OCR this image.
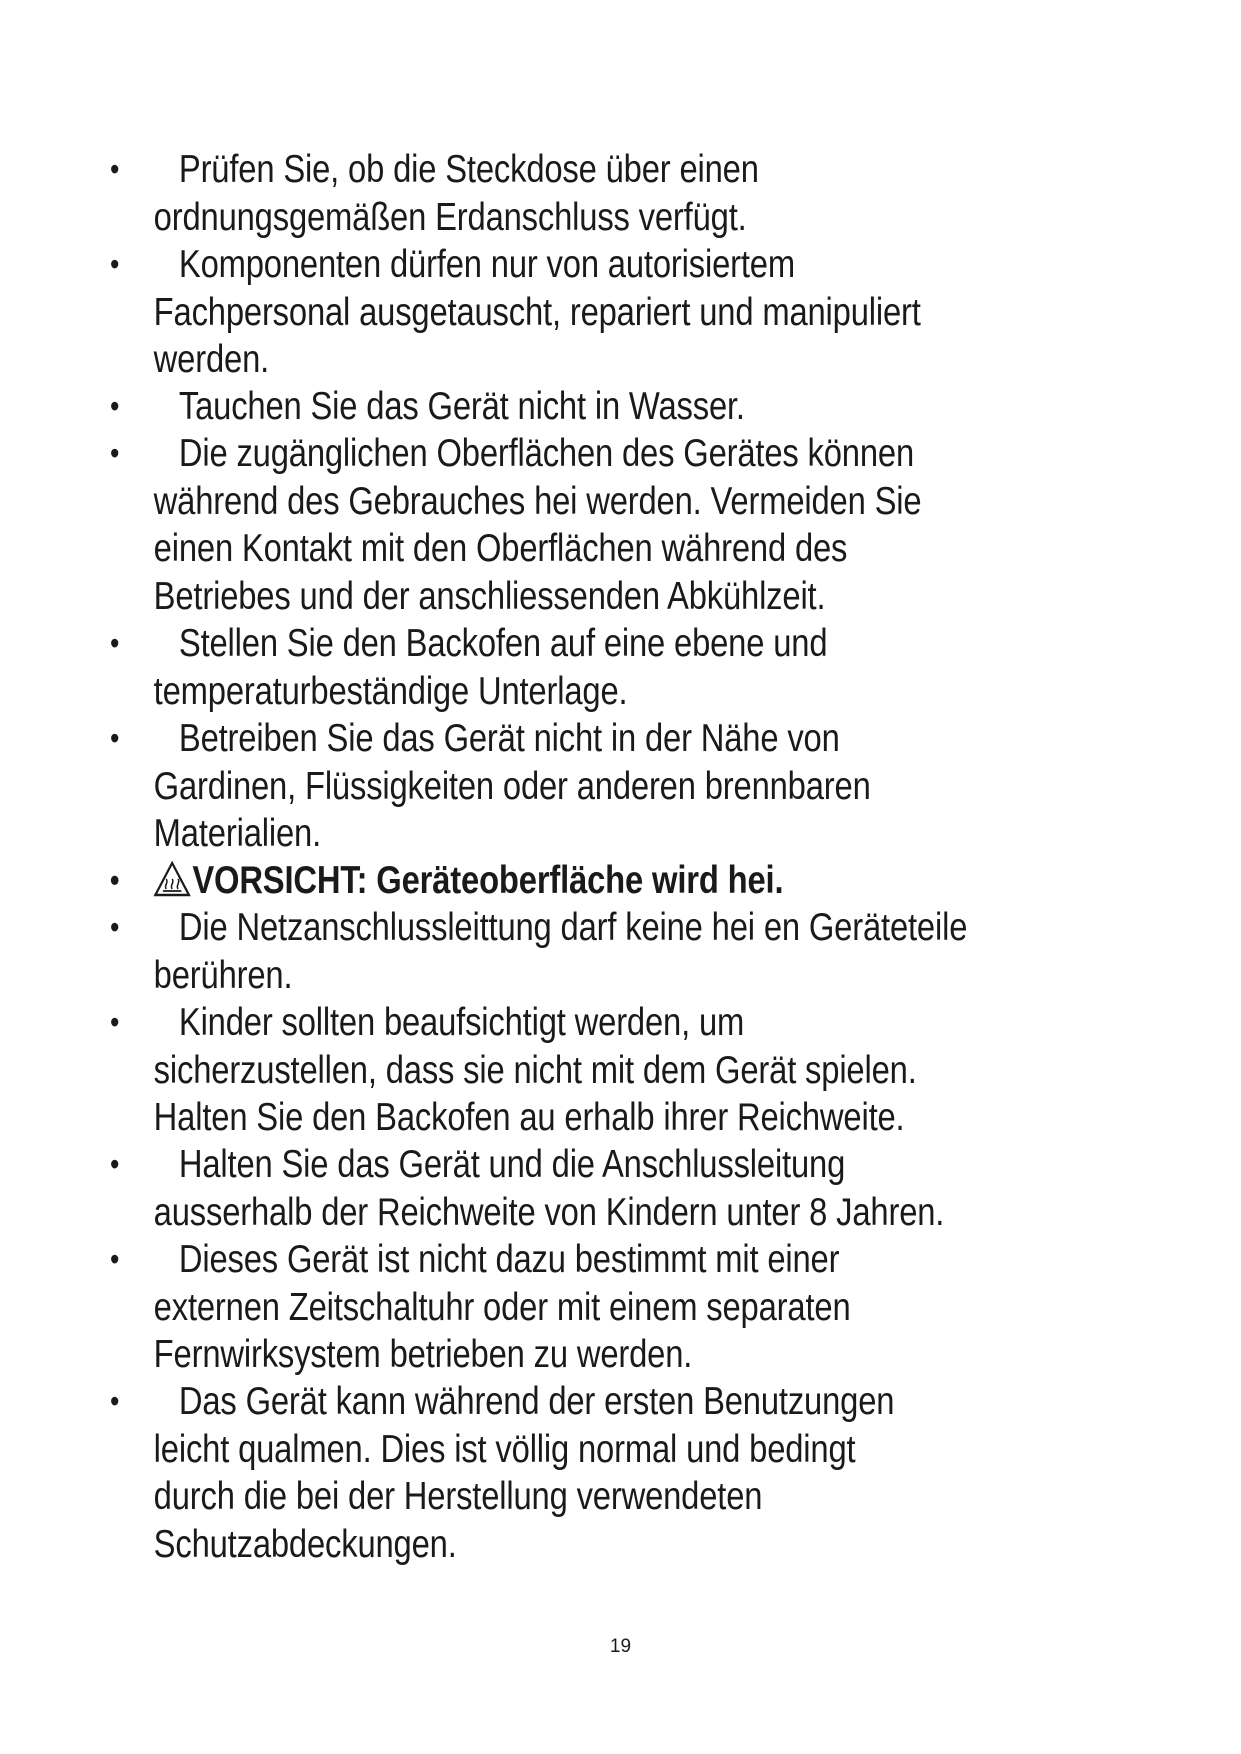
•	Prüfen Sie, ob die Steckdose über einen
ordnungsgemäßen Erdanschluss verfügt.
•	Komponenten dürfen nur von autorisiertem
Fachpersonal ausgetauscht, repariert und manipuliert werden.
•	Tauchen Sie das Gerät nicht in Wasser.
•	Die zugänglichen Oberflächen des Gerätes können
während des Gebrauches hei werden. Vermeiden Sie einen Kontakt mit den Oberflächen während des Betriebes und der anschliessenden Abkühlzeit.
•	Stellen Sie den Backofen auf eine ebene und
temperaturbeständige Unterlage.
•	Betreiben Sie das Gerät nicht in der Nähe von
Gardinen, Flüssigkeiten oder anderen brennbaren Materialien.
•	VORSICHT: Geräteoberfläche wird hei.
•	Die Netzanschlussleittung darf keine hei en Geräteteile
berühren.
•	Kinder sollten beaufsichtigt werden, um
sicherzustellen, dass sie nicht mit dem Gerät spielen. Halten Sie den Backofen au erhalb ihrer Reichweite.
•	Halten Sie das Gerät und die Anschlussleitung
ausserhalb der Reichweite von Kindern unter 8 Jahren.
•	Dieses Gerät ist nicht dazu bestimmt mit einer
externen Zeitschaltuhr oder mit einem separaten Fernwirksystem betrieben zu werden.
•	Das Gerät kann während der ersten Benutzungen
leicht qualmen. Dies ist völlig normal und bedingt durch die bei der Herstellung verwendeten Schutzabdeckungen.
19
